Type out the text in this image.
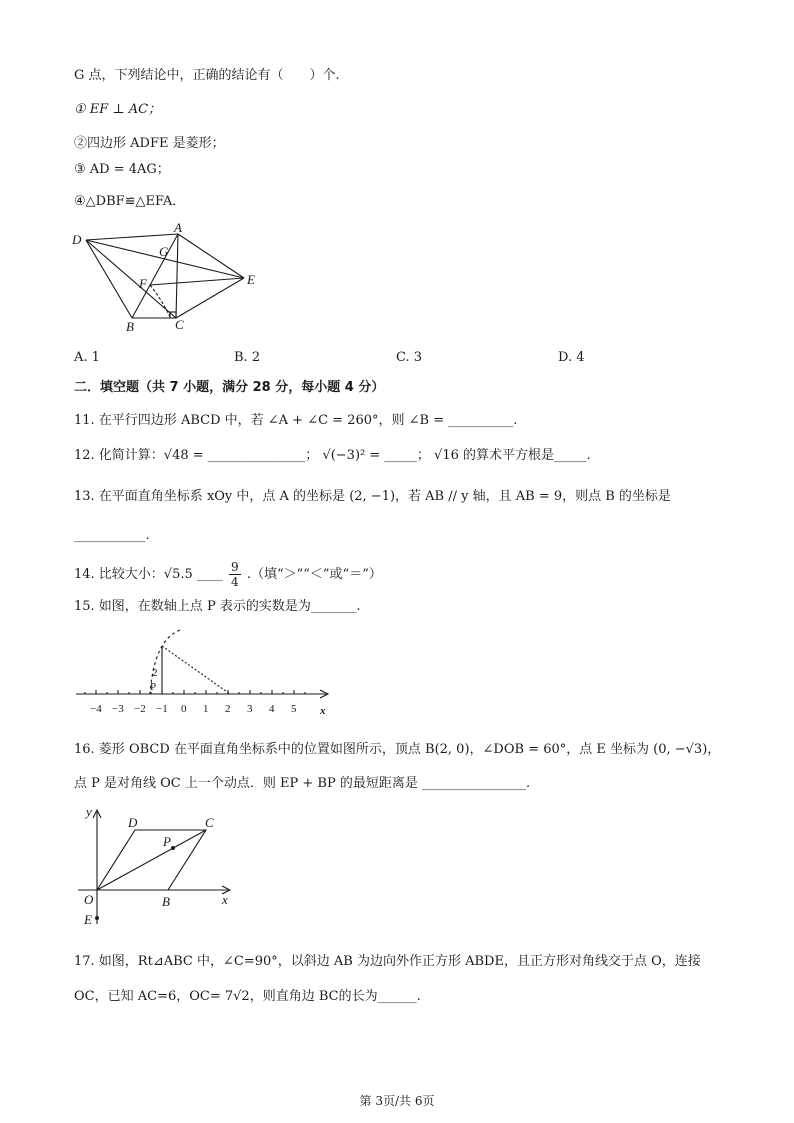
G 点，下列结论中，正确的结论有（　　）个.
① EF ⊥ AC；
②四边形 ADFE 是菱形；
③ AD = 4AG；
④△DBF≌△EFA．
D
A
G
E
F
B	C
A. 1	B. 2	C. 3	D. 4
二．填空题（共 7 小题，满分 28 分，每小题 4 分）
11. 在平行四边形 ABCD 中，若 ∠A + ∠C = 260°，则 ∠B = __________.
12. 化简计算：√48 = _______________； √(−3)² = _____； √16 的算术平方根是_____.
13. 在平面直角坐标系 xOy 中，点 A 的坐标是 (2, −1)，若 AB // y 轴，且 AB = 9，则点 B 的坐标是
___________.
14. 比较大小：√5.5 ____ $\frac{9}{4}$ .（填“＞”“＜”或“＝”）
15. 如图，在数轴上点 P 表示的实数是为_______.
2
P
x
−4 −3 −2 −1 0 1 2 3 4 5
16. 菱形 OBCD 在平面直角坐标系中的位置如图所示，顶点 B(2, 0)，∠DOB = 60°，点 E 坐标为 (0, −√3)，
点 P 是对角线 OC 上一个动点．则 EP + BP 的最短距离是 ________________.
y
x
D	C
P
O	B
E
17. 如图，Rt⊿ABC 中，∠C=90°，以斜边 AB 为边向外作正方形 ABDE，且正方形对角线交于点 O，连接
OC，已知 AC=6，OC= 7√2，则直角边 BC的长为______.
第 3页/共 6页
